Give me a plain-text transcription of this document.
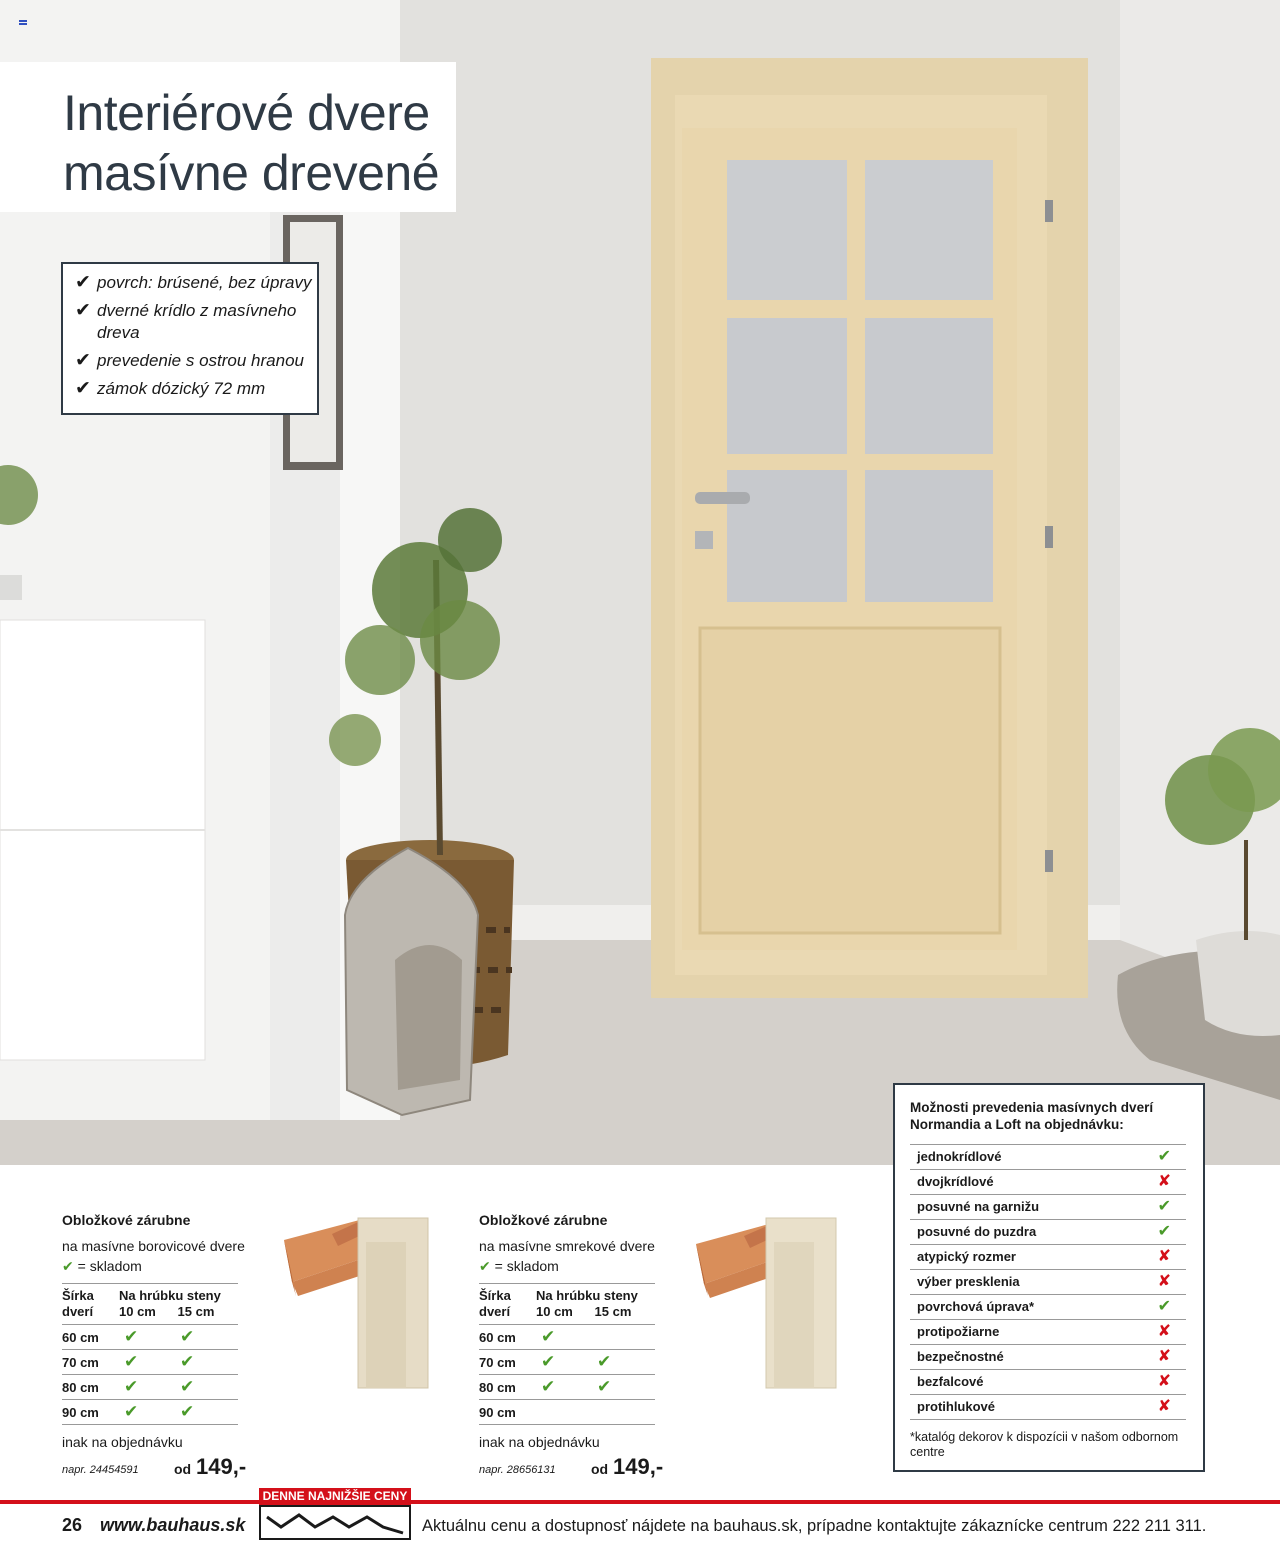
Interiérové dvere
masívne drevené
✔ povrch: brúsené, bez úpravy
✔ dverné krídlo z masívneho dreva
✔ prevedenie s ostrou hranou
✔ zámok dózický 72 mm
Obložkové zárubne
na masívne borovicové dvere
✔ = skladom
Šírka dverí
Na hrúbku steny
10 cm 15 cm
60 cm	✔	✔
70 cm	✔	✔
80 cm	✔	✔
90 cm	✔	✔
inak na objednávku
napr. 24454591	od 149,-
Obložkové zárubne
na masívne smrekové dvere
✔ = skladom
Šírka dverí
Na hrúbku steny
10 cm 15 cm
60 cm	✔
70 cm	✔	✔
80 cm	✔	✔
90 cm
inak na objednávku
napr. 28656131	od 149,-
Možnosti prevedenia masívnych dverí Normandia a Loft na objednávku:
jednokrídlové	✔
dvojkrídlové	✘
posuvné na garnižu	✔
posuvné do puzdra	✔
atypický rozmer	✘
výber presklenia	✘
povrchová úprava*	✔
protipožiarne	✘
bezpečnostné	✘
bezfalcové	✘
protihlukové	✘
*katalóg dekorov k dispozícii v našom odbornom centre
26 www.bauhaus.sk
DENNE NAJNIŽŠIE CENY
Aktuálnu cenu a dostupnosť nájdete na bauhaus.sk, prípadne kontaktujte zákaznícke centrum 222 211 311.
